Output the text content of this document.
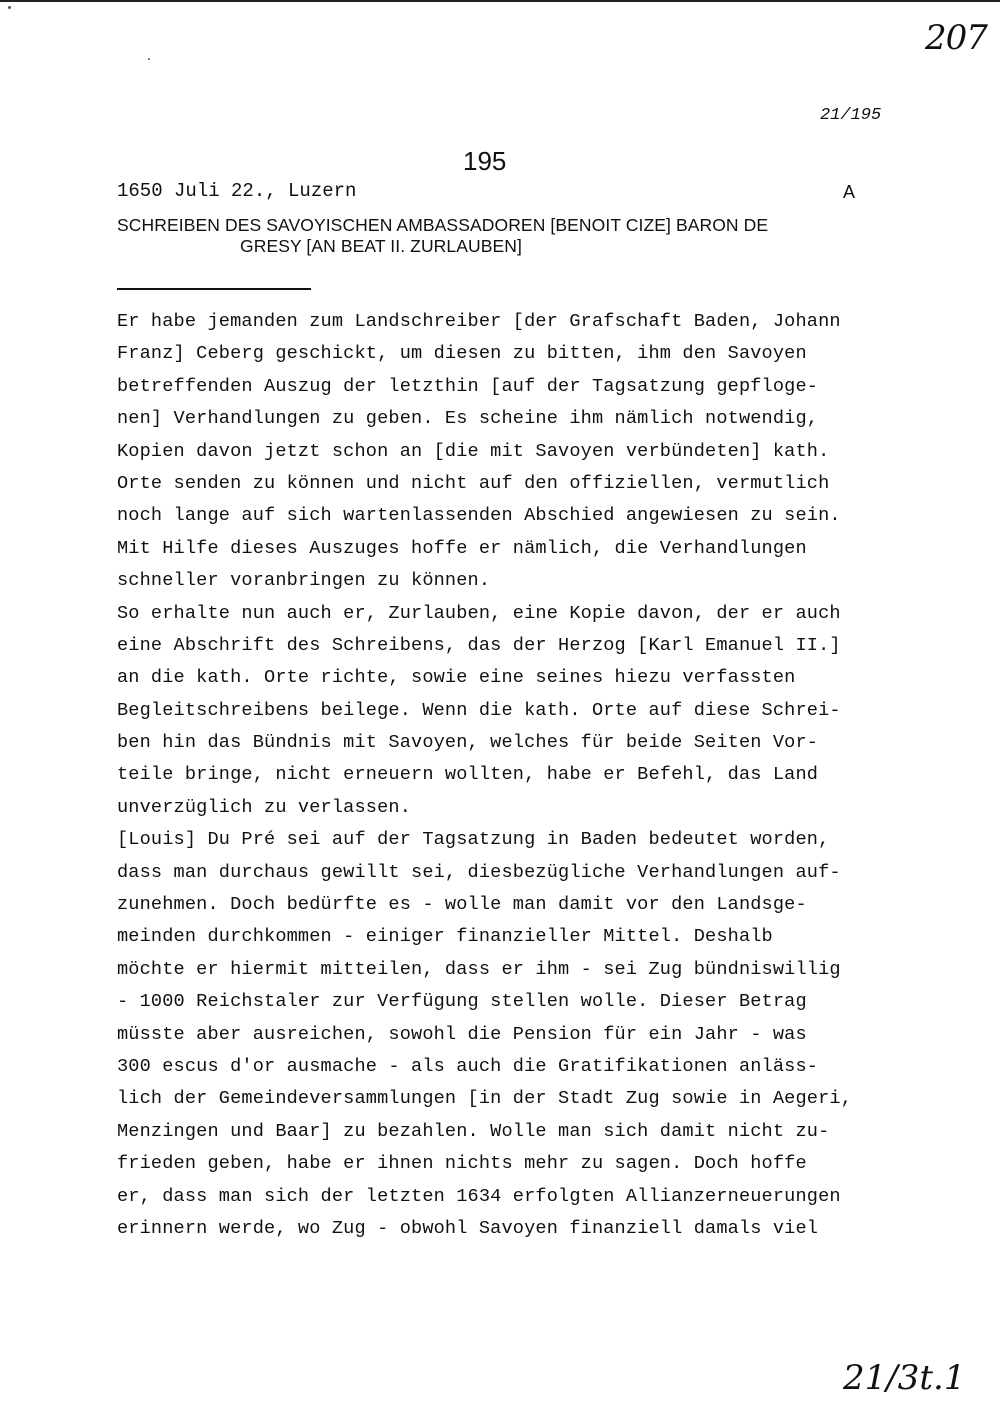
207
21/195
195
1650 Juli 22., Luzern	A
SCHREIBEN DES SAVOYISCHEN AMBASSADOREN [BENOIT CIZE] BARON DE
GRESY [AN BEAT II. ZURLAUBEN]
Er habe jemanden zum Landschreiber [der Grafschaft Baden, Johann
Franz] Ceberg geschickt, um diesen zu bitten, ihm den Savoyen
betreffenden Auszug der letzthin [auf der Tagsatzung gepfloge-
nen] Verhandlungen zu geben. Es scheine ihm nämlich notwendig,
Kopien davon jetzt schon an [die mit Savoyen verbündeten] kath.
Orte senden zu können und nicht auf den offiziellen, vermutlich
noch lange auf sich wartenlassenden Abschied angewiesen zu sein.
Mit Hilfe dieses Auszuges hoffe er nämlich, die Verhandlungen
schneller voranbringen zu können.
So erhalte nun auch er, Zurlauben, eine Kopie davon, der er auch
eine Abschrift des Schreibens, das der Herzog [Karl Emanuel II.]
an die kath. Orte richte, sowie eine seines hiezu verfassten
Begleitschreibens beilege. Wenn die kath. Orte auf diese Schrei-
ben hin das Bündnis mit Savoyen, welches für beide Seiten Vor-
teile bringe, nicht erneuern wollten, habe er Befehl, das Land
unverzüglich zu verlassen.
[Louis] Du Pré sei auf der Tagsatzung in Baden bedeutet worden,
dass man durchaus gewillt sei, diesbezügliche Verhandlungen auf-
zunehmen. Doch bedürfte es - wolle man damit vor den Landsge-
meinden durchkommen - einiger finanzieller Mittel. Deshalb
möchte er hiermit mitteilen, dass er ihm - sei Zug bündniswillig
- 1000 Reichstaler zur Verfügung stellen wolle. Dieser Betrag
müsste aber ausreichen, sowohl die Pension für ein Jahr - was
300 escus d'or ausmache - als auch die Gratifikationen anläss-
lich der Gemeindeversammlungen [in der Stadt Zug sowie in Aegeri,
Menzingen und Baar] zu bezahlen. Wolle man sich damit nicht zu-
frieden geben, habe er ihnen nichts mehr zu sagen. Doch hoffe
er, dass man sich der letzten 1634 erfolgten Allianzerneuerungen
erinnern werde, wo Zug - obwohl Savoyen finanziell damals viel
21/3t.1
